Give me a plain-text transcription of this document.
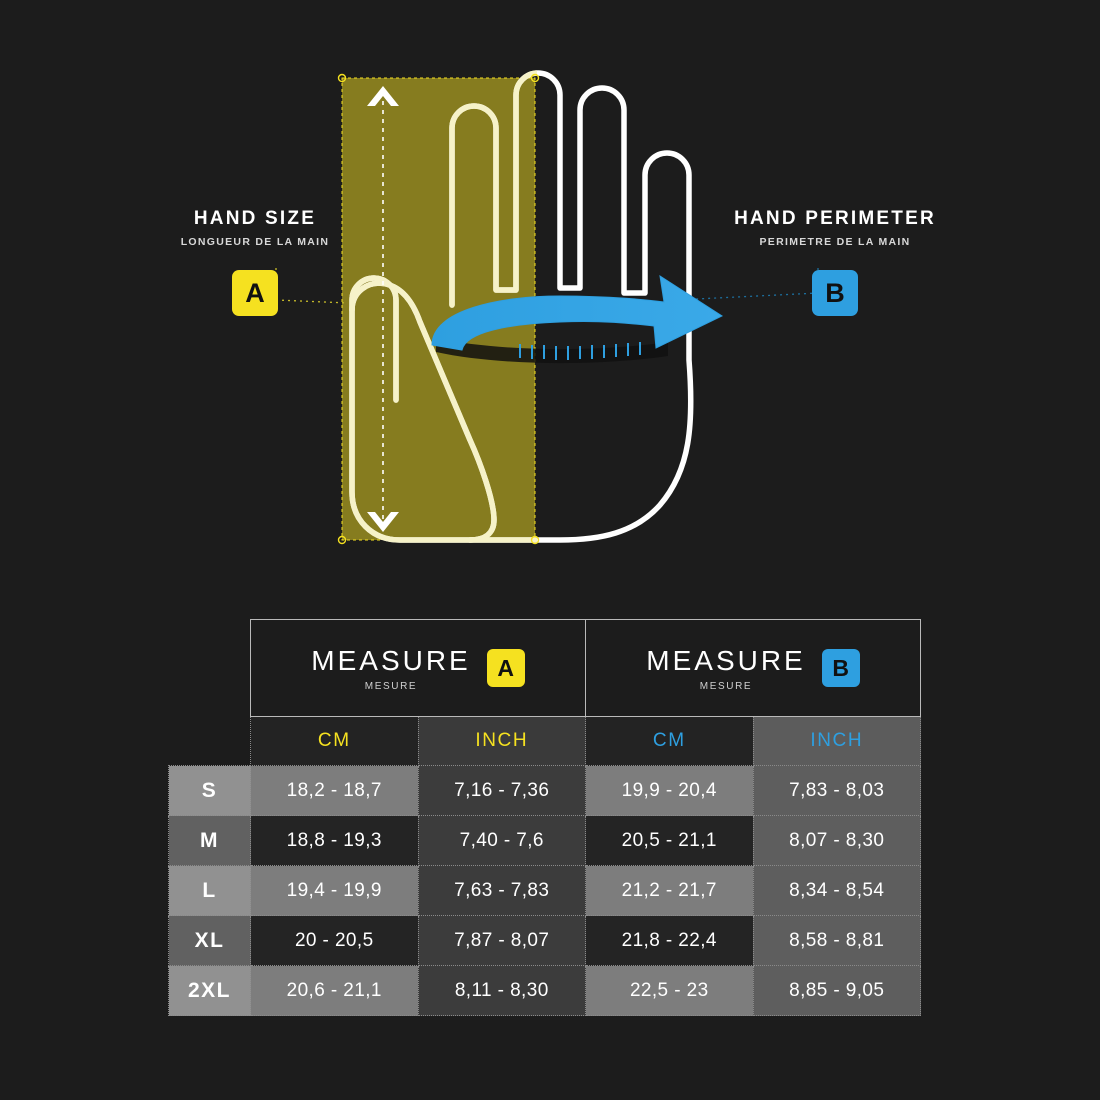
HAND SIZE
LONGUEUR DE LA MAIN
A
HAND PERIMETER
PERIMETRE DE LA MAIN
B

MEASURE
MESURE
A	MEASURE
MESURE
B

	CM	INCH	CM	INCH
S	18,2 - 18,7	7,16 - 7,36	19,9 - 20,4	7,83 - 8,03
M	18,8 - 19,3	7,40 - 7,6	20,5 - 21,1	8,07 - 8,30
L	19,4 - 19,9	7,63 - 7,83	21,2 - 21,7	8,34 - 8,54
XL	20 - 20,5	7,87 - 8,07	21,8 - 22,4	8,58 - 8,81
2XL	20,6 - 21,1	8,11 - 8,30	22,5 - 23	8,85 - 9,05
